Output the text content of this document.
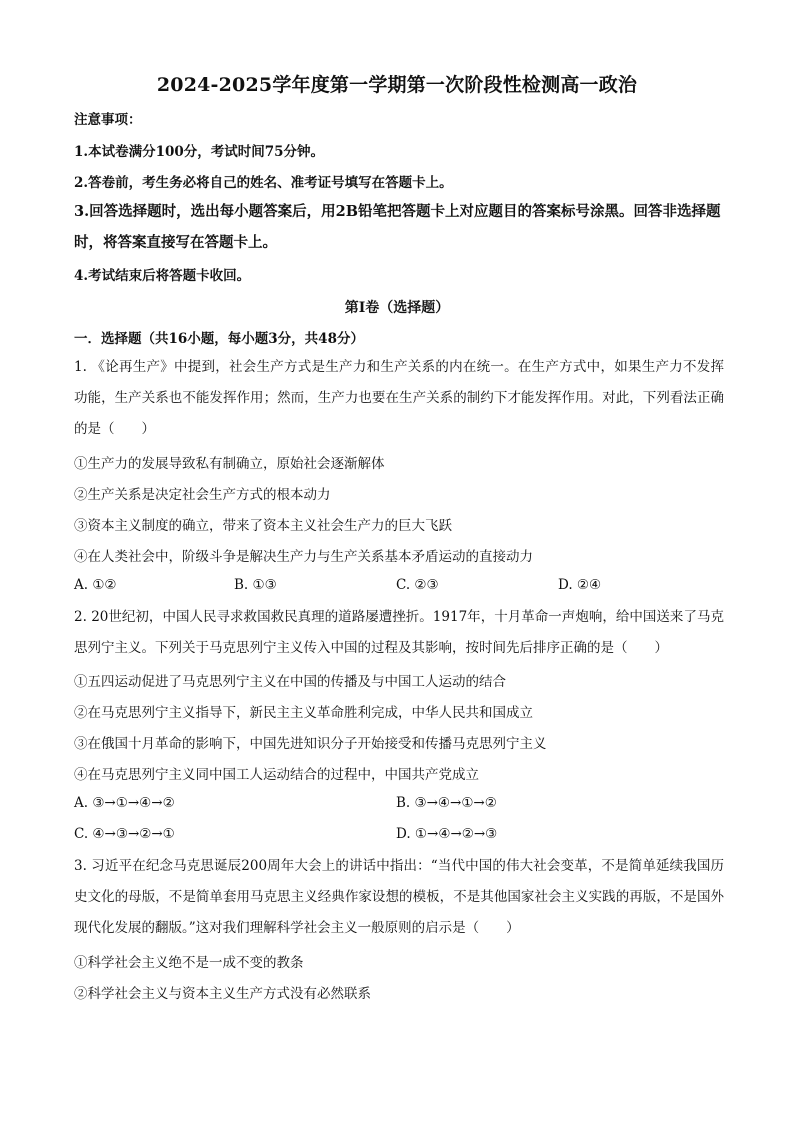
2024-2025学年度第一学期第一次阶段性检测高一政治
注意事项：
1.本试卷满分100分，考试时间75分钟。
2.答卷前，考生务必将自己的姓名、准考证号填写在答题卡上。
3.回答选择题时，选出每小题答案后，用2B铅笔把答题卡上对应题目的答案标号涂黑。回答非选择题时，将答案直接写在答题卡上。
4.考试结束后将答题卡收回。
第Ⅰ卷（选择题）
一．选择题（共16小题，每小题3分，共48分）
1. 《论再生产》中提到，社会生产方式是生产力和生产关系的内在统一。在生产方式中，如果生产力不发挥功能，生产关系也不能发挥作用；然而，生产力也要在生产关系的制约下才能发挥作用。对此，下列看法正确的是（　　）
①生产力的发展导致私有制确立，原始社会逐渐解体
②生产关系是决定社会生产方式的根本动力
③资本主义制度的确立，带来了资本主义社会生产力的巨大飞跃
④在人类社会中，阶级斗争是解决生产力与生产关系基本矛盾运动的直接动力
A. ①②	B. ①③	C. ②③	D. ②④
2. 20世纪初，中国人民寻求救国救民真理的道路屡遭挫折。1917年，十月革命一声炮响，给中国送来了马克思列宁主义。下列关于马克思列宁主义传入中国的过程及其影响，按时间先后排序正确的是（　　）
①五四运动促进了马克思列宁主义在中国的传播及与中国工人运动的结合
②在马克思列宁主义指导下，新民主主义革命胜利完成，中华人民共和国成立
③在俄国十月革命的影响下，中国先进知识分子开始接受和传播马克思列宁主义
④在马克思列宁主义同中国工人运动结合的过程中，中国共产党成立
A. ③→①→④→②	B. ③→④→①→②
C. ④→③→②→①	D. ①→④→②→③
3. 习近平在纪念马克思诞辰200周年大会上的讲话中指出：“当代中国的伟大社会变革，不是简单延续我国历史文化的母版，不是简单套用马克思主义经典作家设想的模板，不是其他国家社会主义实践的再版，不是国外现代化发展的翻版。”这对我们理解科学社会主义一般原则的启示是（　　）
①科学社会主义绝不是一成不变的教条
②科学社会主义与资本主义生产方式没有必然联系
